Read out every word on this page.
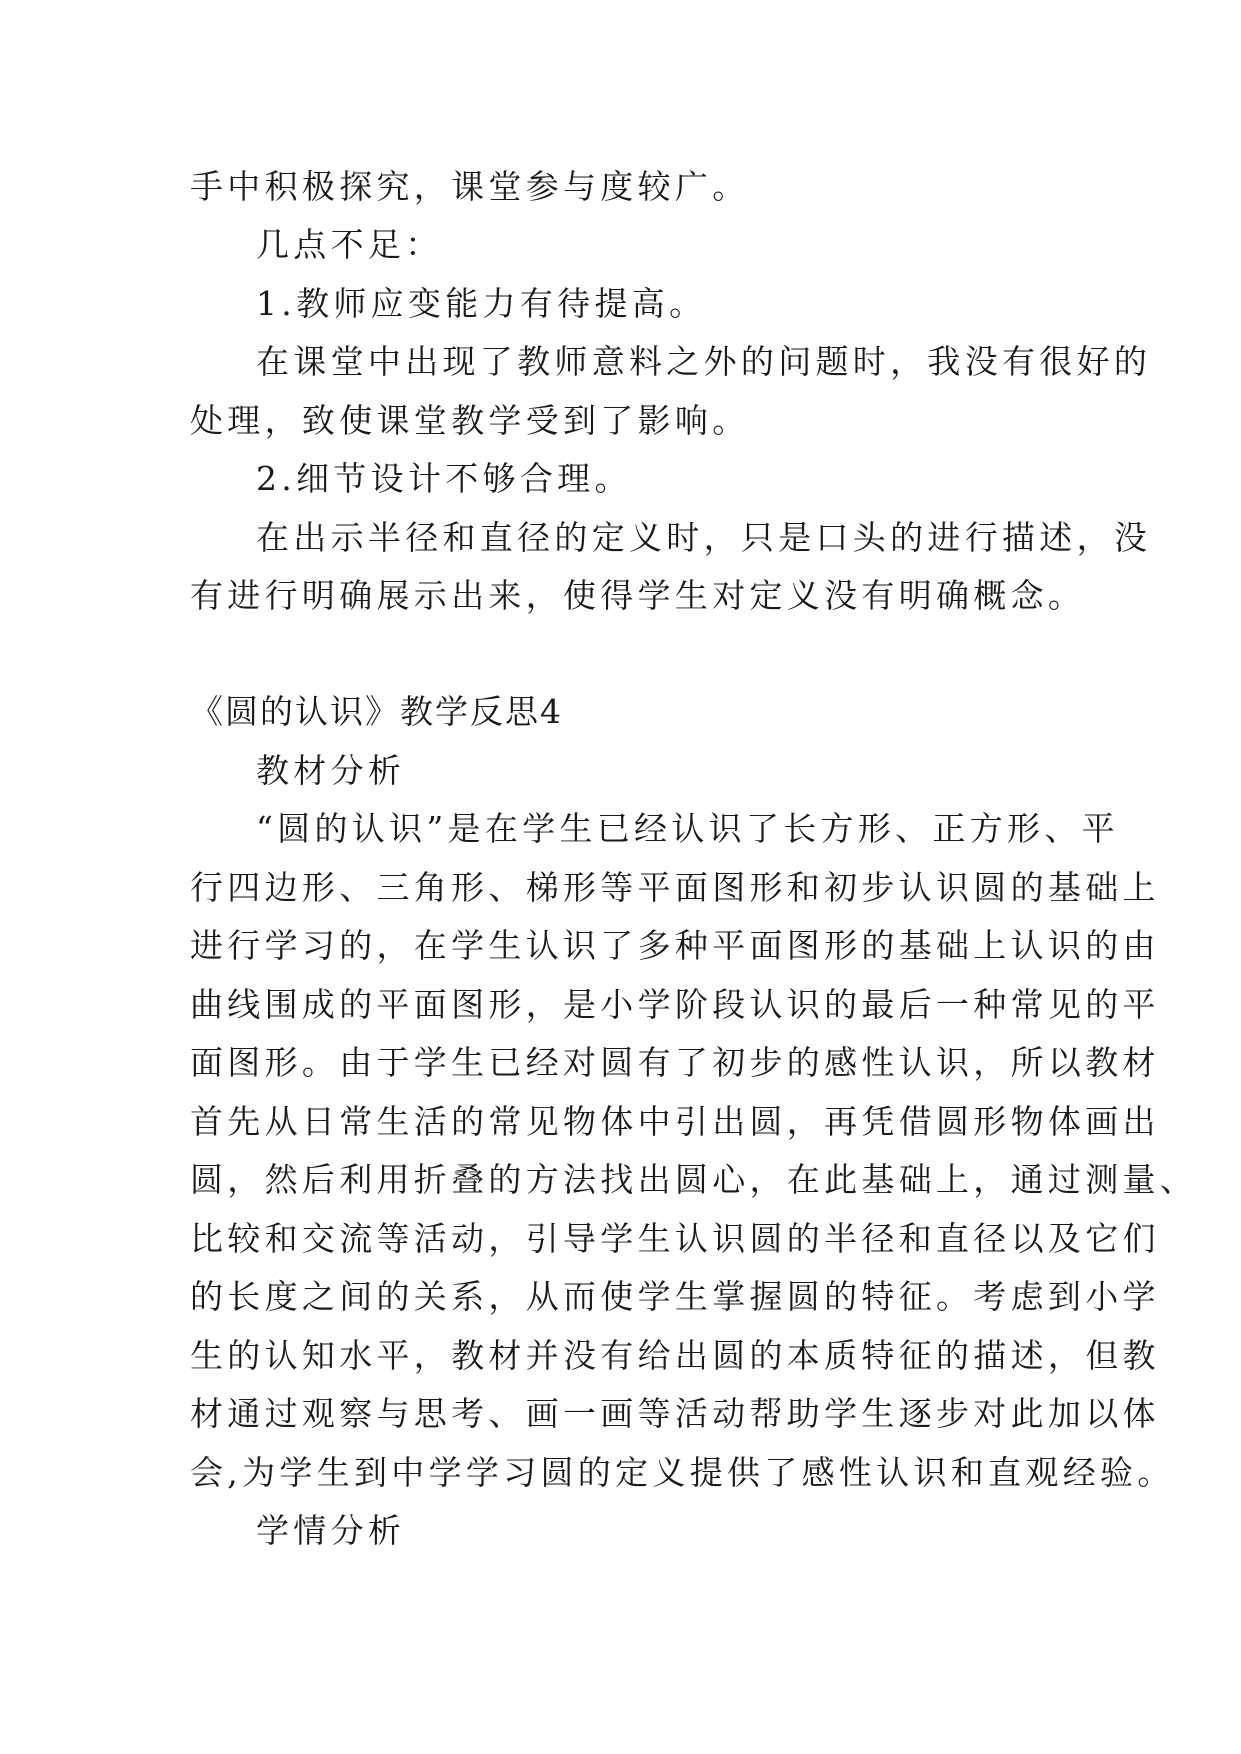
手中积极探究，课堂参与度较广。
几点不足：
1.教师应变能力有待提高。
在课堂中出现了教师意料之外的问题时，我没有很好的
处理，致使课堂教学受到了影响。
2.细节设计不够合理。
在出示半径和直径的定义时，只是口头的进行描述，没
有进行明确展示出来，使得学生对定义没有明确概念。
《圆的认识》教学反思4
教材分析
“圆的认识”是在学生已经认识了长方形、正方形、平
行四边形、三角形、梯形等平面图形和初步认识圆的基础上
进行学习的，在学生认识了多种平面图形的基础上认识的由
曲线围成的平面图形，是小学阶段认识的最后一种常见的平
面图形。由于学生已经对圆有了初步的感性认识，所以教材
首先从日常生活的常见物体中引出圆，再凭借圆形物体画出
圆，然后利用折叠的方法找出圆心，在此基础上，通过测量、
比较和交流等活动，引导学生认识圆的半径和直径以及它们
的长度之间的关系，从而使学生掌握圆的特征。考虑到小学
生的认知水平，教材并没有给出圆的本质特征的描述，但教
材通过观察与思考、画一画等活动帮助学生逐步对此加以体
会,为学生到中学学习圆的定义提供了感性认识和直观经验。
学情分析
